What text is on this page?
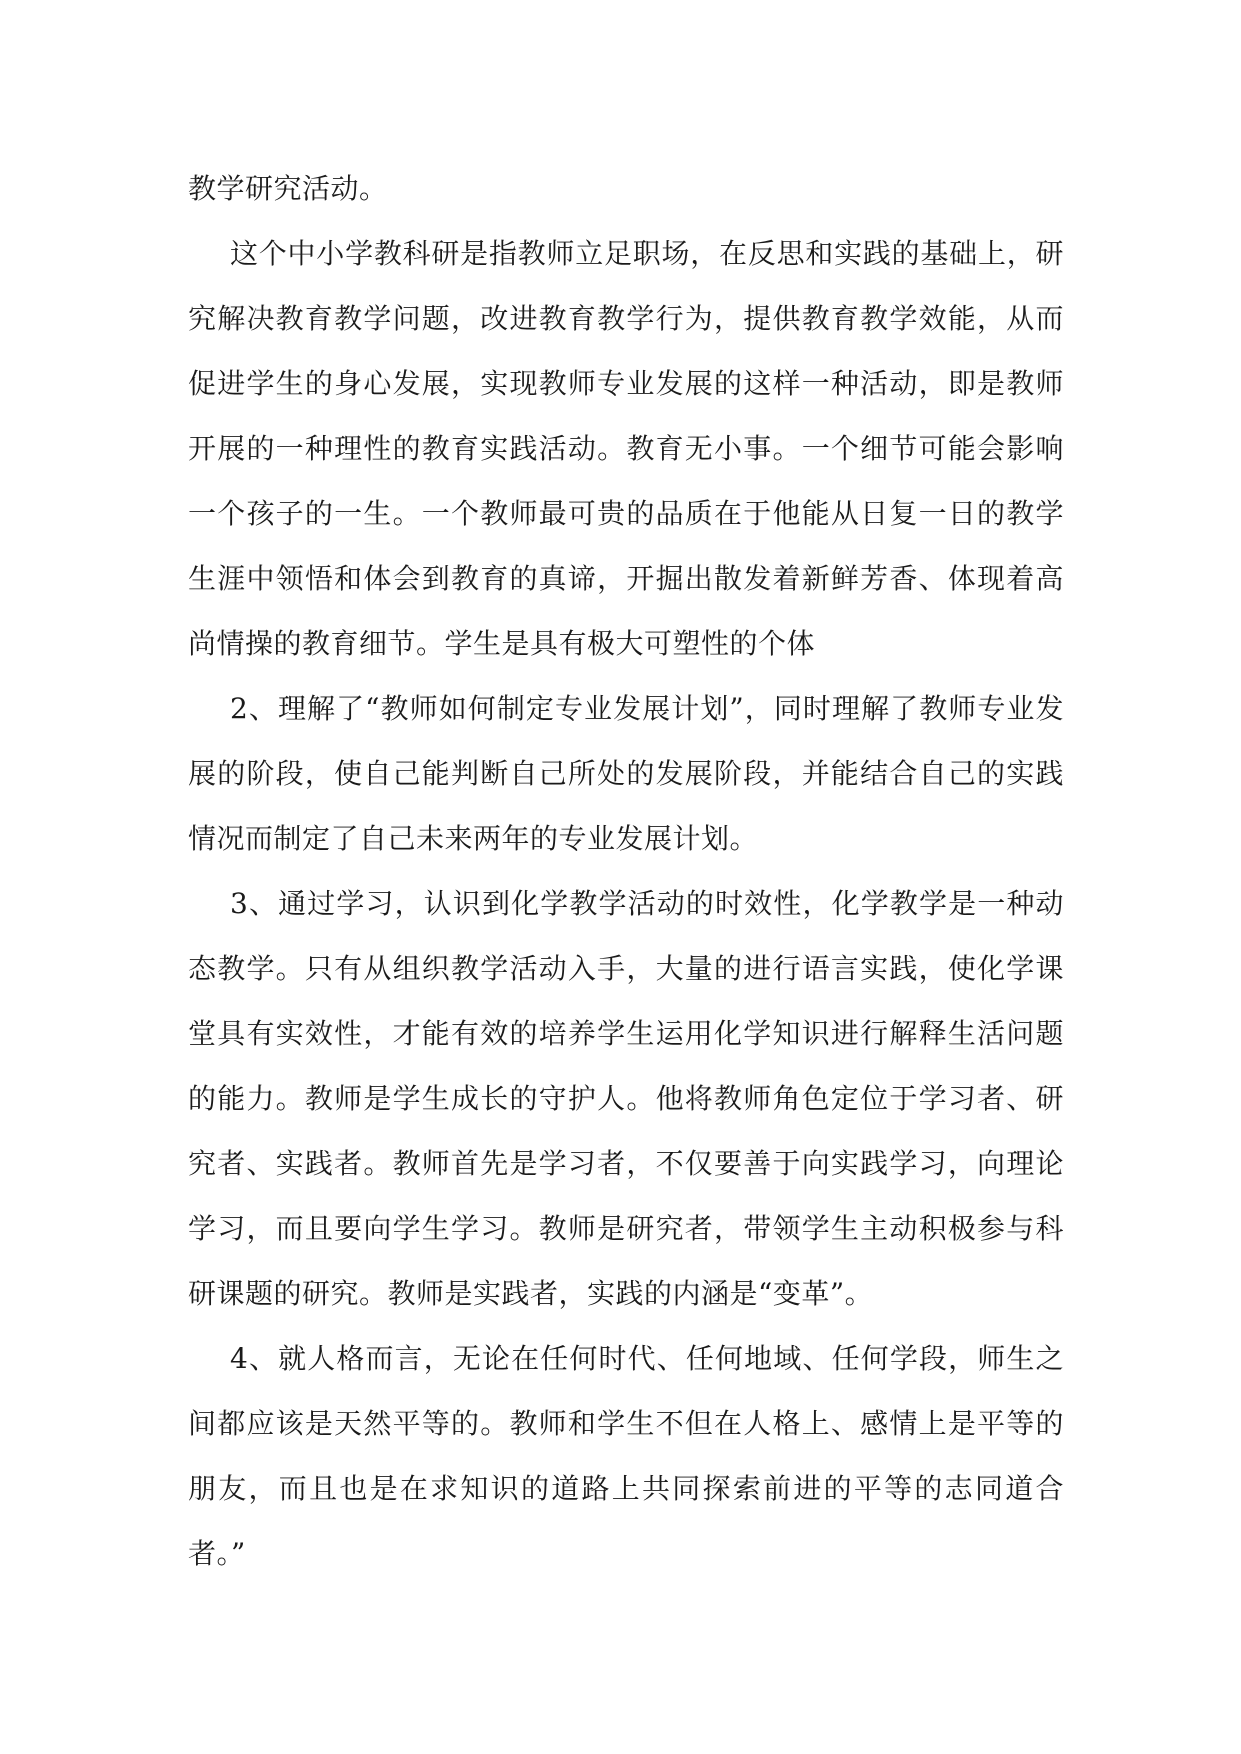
教学研究活动。

这个中小学教科研是指教师立足职场，在反思和实践的基础上，研究解决教育教学问题，改进教育教学行为，提供教育教学效能，从而促进学生的身心发展，实现教师专业发展的这样一种活动，即是教师开展的一种理性的教育实践活动。教育无小事。一个细节可能会影响一个孩子的一生。一个教师最可贵的品质在于他能从日复一日的教学生涯中领悟和体会到教育的真谛，开掘出散发着新鲜芳香、体现着高尚情操的教育细节。学生是具有极大可塑性的个体

2、理解了“教师如何制定专业发展计划”，同时理解了教师专业发展的阶段，使自己能判断自己所处的发展阶段，并能结合自己的实践情况而制定了自己未来两年的专业发展计划。

3、通过学习，认识到化学教学活动的时效性，化学教学是一种动态教学。只有从组织教学活动入手，大量的进行语言实践，使化学课堂具有实效性，才能有效的培养学生运用化学知识进行解释生活问题的能力。教师是学生成长的守护人。他将教师角色定位于学习者、研究者、实践者。教师首先是学习者，不仅要善于向实践学习，向理论学习，而且要向学生学习。教师是研究者，带领学生主动积极参与科研课题的研究。教师是实践者，实践的内涵是“变革”。

4、就人格而言，无论在任何时代、任何地域、任何学段，师生之间都应该是天然平等的。教师和学生不但在人格上、感情上是平等的朋友，而且也是在求知识的道路上共同探索前进的平等的志同道合者。”
